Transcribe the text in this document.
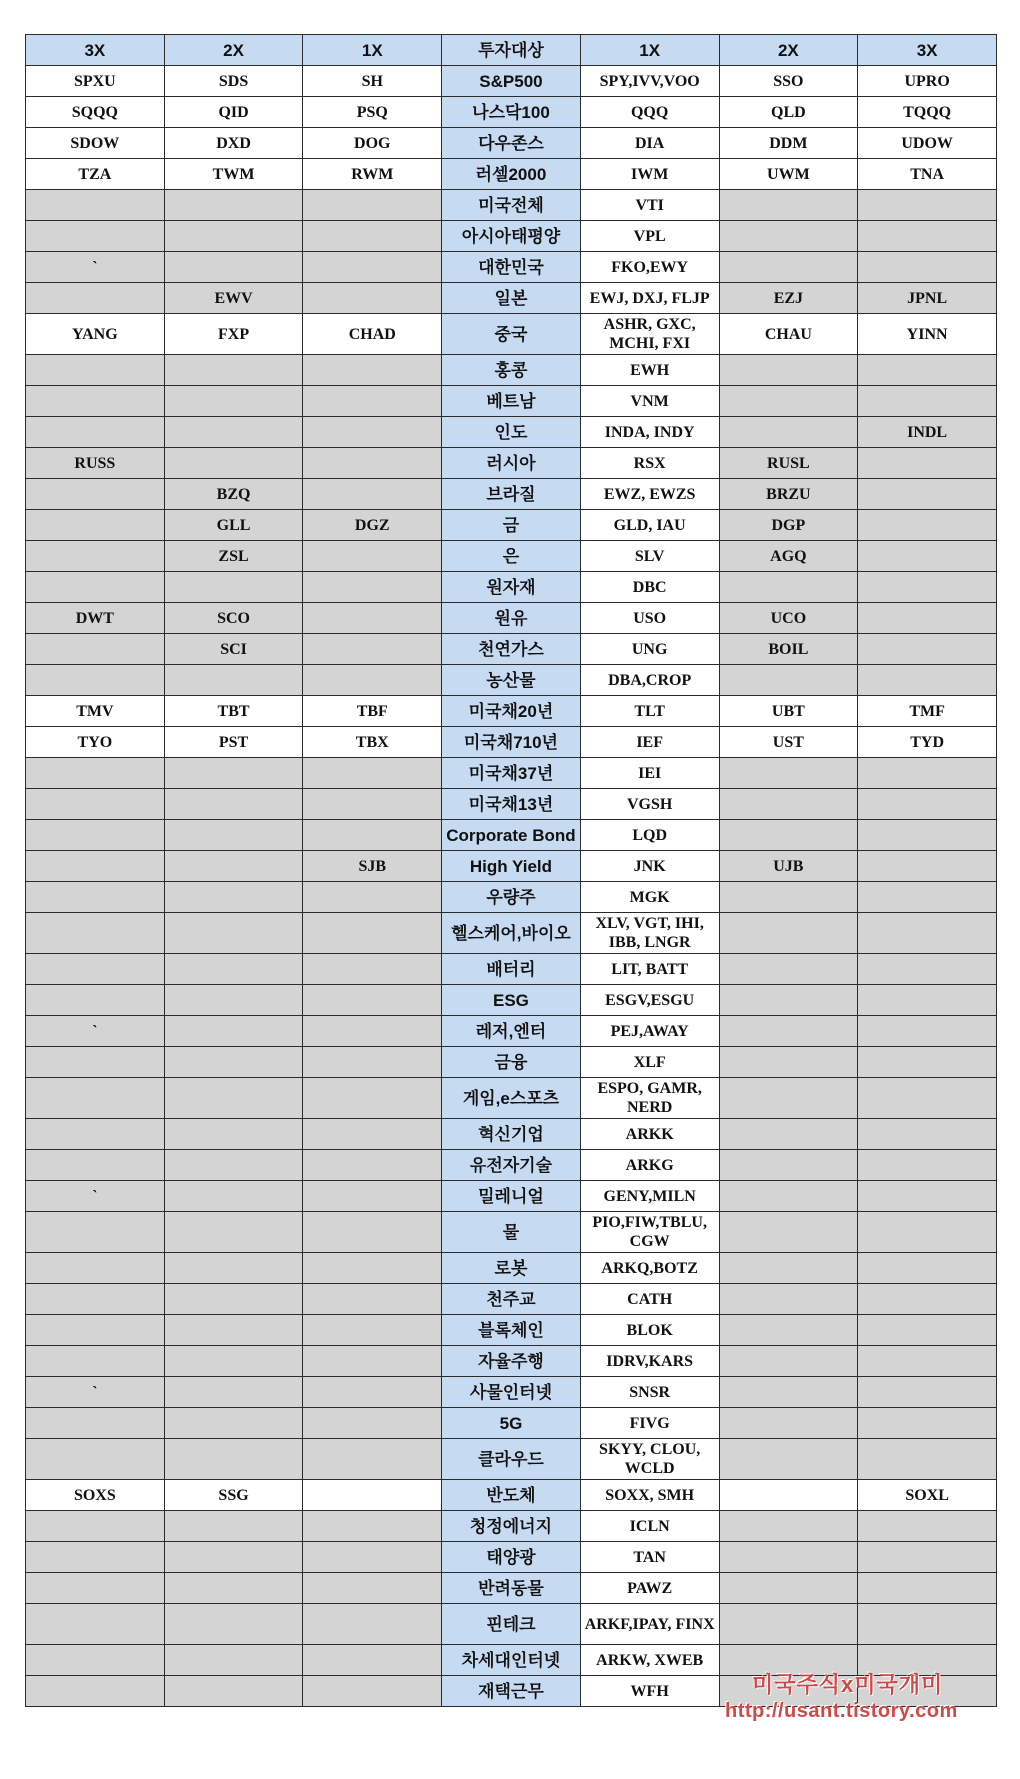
3X	2X	1X	투자대상	1X	2X	3X
SPXU	SDS	SH	S&P500	SPY,IVV,VOO	SSO	UPRO
SQQQ	QID	PSQ	나스닥100	QQQ	QLD	TQQQ
SDOW	DXD	DOG	다우존스	DIA	DDM	UDOW
TZA	TWM	RWM	러셀2000	IWM	UWM	TNA
			미국전체	VTI		
			아시아태평양	VPL		
`			대한민국	FKO,EWY		
	EWV		일본	EWJ, DXJ, FLJP	EZJ	JPNL
YANG	FXP	CHAD	중국	ASHR, GXC, MCHI, FXI	CHAU	YINN
			홍콩	EWH		
			베트남	VNM		
			인도	INDA, INDY		INDL
RUSS			러시아	RSX	RUSL	
	BZQ		브라질	EWZ, EWZS	BRZU	
	GLL	DGZ	금	GLD, IAU	DGP	
	ZSL		은	SLV	AGQ	
			원자재	DBC		
DWT	SCO		원유	USO	UCO	
	SCI		천연가스	UNG	BOIL	
			농산물	DBA,CROP		
TMV	TBT	TBF	미국채20년	TLT	UBT	TMF
TYO	PST	TBX	미국채710년	IEF	UST	TYD
			미국채37년	IEI		
			미국채13년	VGSH		
			Corporate Bond	LQD		
		SJB	High Yield	JNK	UJB	
			우량주	MGK		
			헬스케어,바이오	XLV, VGT, IHI, IBB, LNGR		
			배터리	LIT, BATT		
			ESG	ESGV,ESGU		
`			레저,엔터	PEJ,AWAY		
			금융	XLF		
			게임,e스포츠	ESPO, GAMR, NERD		
			혁신기업	ARKK		
			유전자기술	ARKG		
`			밀레니얼	GENY,MILN		
			물	PIO,FIW,TBLU, CGW		
			로봇	ARKQ,BOTZ		
			천주교	CATH		
			블록체인	BLOK		
			자율주행	IDRV,KARS		
`			사물인터넷	SNSR		
			5G	FIVG		
			클라우드	SKYY, CLOU, WCLD		
SOXS	SSG		반도체	SOXX, SMH		SOXL
			청정에너지	ICLN		
			태양광	TAN		
			반려동물	PAWZ		
			핀테크	ARKF,IPAY, FINX		
			차세대인터넷	ARKW, XWEB		
			재택근무	WFH			미국주식x미국개미
http://usant.tistory.com
